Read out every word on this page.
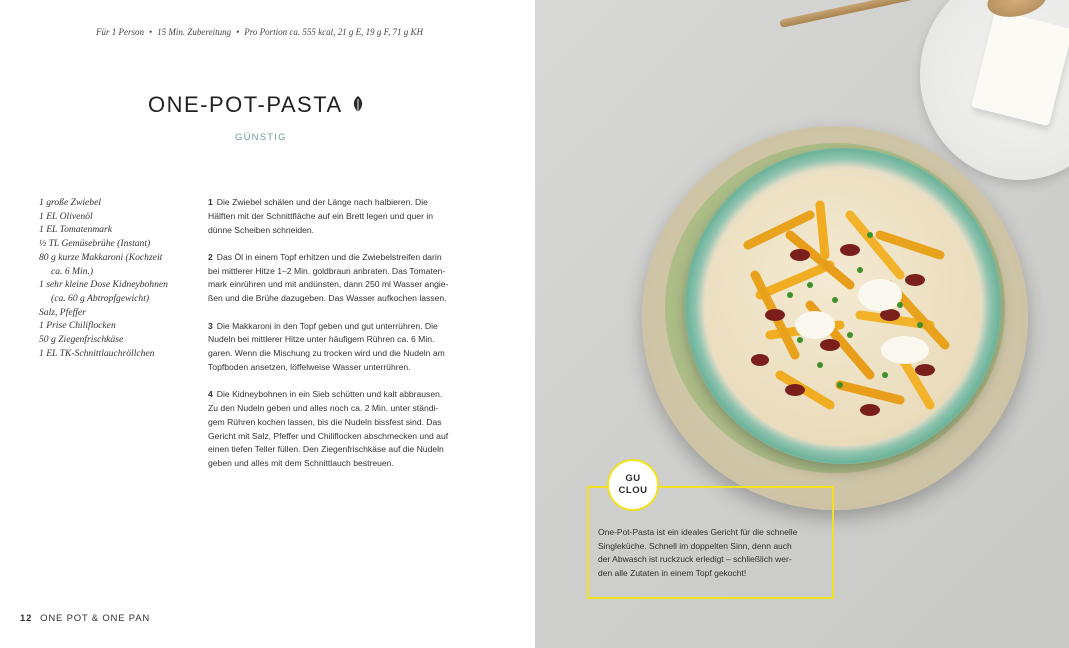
Für 1 Person • 15 Min. Zubereitung • Pro Portion ca. 555 kcal, 21 g E, 19 g F, 71 g KH
ONE-POT-PASTA
GÜNSTIG
1 große Zwiebel
1 EL Olivenöl
1 EL Tomatenmark
½ TL Gemüsebrühe (Instant)
80 g kurze Makkaroni (Kochzeit
ca. 6 Min.)
1 sehr kleine Dose Kidneybohnen
(ca. 60 g Abtropfgewicht)
Salz, Pfeffer
1 Prise Chiliflocken
50 g Ziegenfrischkäse
1 EL TK-Schnittlauchröllchen
1 Die Zwiebel schälen und der Länge nach halbieren. Die
Hälften mit der Schnittfläche auf ein Brett legen und quer in
dünne Scheiben schneiden.
2 Das Öl in einem Topf erhitzen und die Zwiebelstreifen darin
bei mittlerer Hitze 1–2 Min. goldbraun anbraten. Das Tomaten-
mark einrühren und mit andünsten, dann 250 ml Wasser angie-
ßen und die Brühe dazugeben. Das Wasser aufkochen lassen.
3 Die Makkaroni in den Topf geben und gut unterrühren. Die
Nudeln bei mittlerer Hitze unter häufigem Rühren ca. 6 Min.
garen. Wenn die Mischung zu trocken wird und die Nudeln am
Topfboden ansetzen, löffelweise Wasser unterrühren.
4 Die Kidneybohnen in ein Sieb schütten und kalt abbrausen.
Zu den Nudeln geben und alles noch ca. 2 Min. unter ständi-
gem Rühren kochen lassen, bis die Nudeln bissfest sind. Das
Gericht mit Salz, Pfeffer und Chiliflocken abschmecken und auf
einen tiefen Teller füllen. Den Ziegenfrischkäse auf die Nudeln
geben und alles mit dem Schnittlauch bestreuen.
12 ONE POT & ONE PAN
GU
CLOU
One-Pot-Pasta ist ein ideales Gericht für die schnelle
Singleküche. Schnell im doppelten Sinn, denn auch
der Abwasch ist ruckzuck erledigt – schließlich wer-
den alle Zutaten in einem Topf gekocht!
